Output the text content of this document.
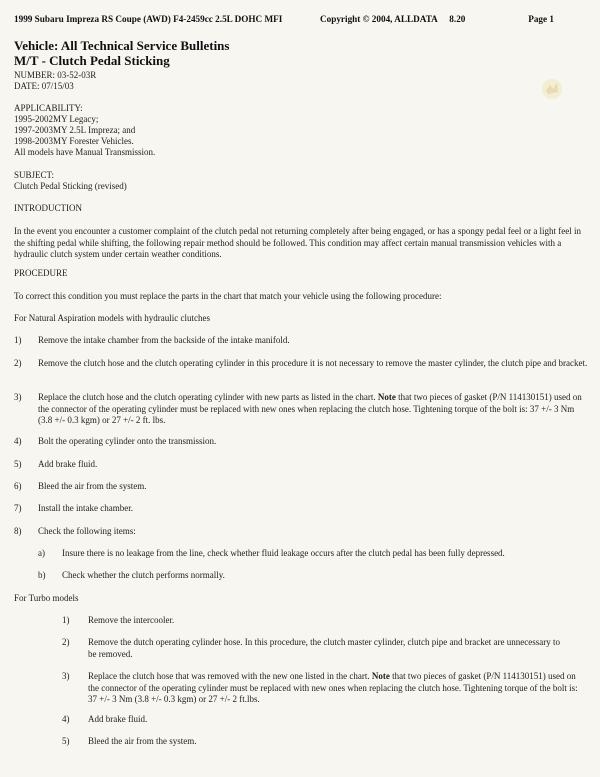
1999 Subaru Impreza RS Coupe (AWD) F4-2459cc 2.5L DOHC MFI	Copyright © 2004, ALLDATA 8.20	Page 1
Vehicle: All Technical Service Bulletins
M/T - Clutch Pedal Sticking
NUMBER: 03-52-03R
DATE: 07/15/03
APPLICABILITY:
1995-2002MY Legacy;
1997-2003MY 2.5L Impreza; and
1998-2003MY Forester Vehicles.
All models have Manual Transmission.
SUBJECT:
Clutch Pedal Sticking (revised)
INTRODUCTION
In the event you encounter a customer complaint of the clutch pedal not returning completely after being engaged, or has a spongy pedal feel or a light feel in the shifting pedal while shifting, the following repair method should be followed. This condition may affect certain manual transmission vehicles with a hydraulic clutch system under certain weather conditions.
PROCEDURE
To correct this condition you must replace the parts in the chart that match your vehicle using the following procedure:
For Natural Aspiration models with hydraulic clutches
1) Remove the intake chamber from the backside of the intake manifold.
2) Remove the clutch hose and the clutch operating cylinder in this procedure it is not necessary to remove the master cylinder, the clutch pipe and bracket.
3) Replace the clutch hose and the clutch operating cylinder with new parts as listed in the chart. Note that two pieces of gasket (P/N 114130151) used on the connector of the operating cylinder must be replaced with new ones when replacing the clutch hose. Tightening torque of the bolt is: 37 +/- 3 Nm (3.8 +/- 0.3 kgm) or 27 +/- 2 ft. lbs.
4) Bolt the operating cylinder onto the transmission.
5) Add brake fluid.
6) Bleed the air from the system.
7) Install the intake chamber.
8) Check the following items:
a) Insure there is no leakage from the line, check whether fluid leakage occurs after the clutch pedal has been fully depressed.
b) Check whether the clutch performs normally.
For Turbo models
1) Remove the intercooler.
2) Remove the dutch operating cylinder hose. In this procedure, the clutch master cylinder, clutch pipe and bracket are unnecessary to be removed.
3) Replace the clutch hose that was removed with the new one listed in the chart. Note that two pieces of gasket (P/N 114130151) used on the connector of the operating cylinder must be replaced with new ones when replacing the clutch hose. Tightening torque of the bolt is: 37 +/- 3 Nm (3.8 +/- 0.3 kgm) or 27 +/- 2 ft.lbs.
4) Add brake fluid.
5) Bleed the air from the system.
